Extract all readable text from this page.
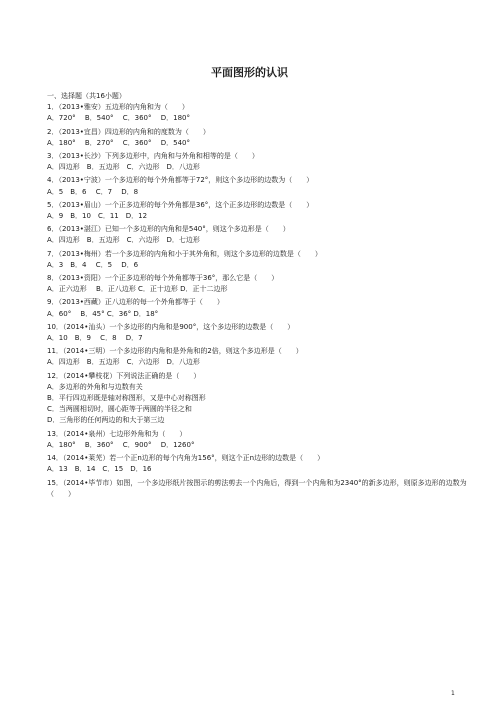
平面图形的认识

一、选择题（共16小题）

1．（2013•雅安）五边形的内角和为（　　）

A．720°　 B．540°　 C．360°　 D．180°

2．（2013•宜昌）四边形的内角和的度数为（　　）

A．180°　 B．270°　 C．360°　 D．540°

3．（2013•长沙）下列多边形中，内角和与外角和相等的是（　　）

A．四边形　B．五边形　C．六边形　D．八边形

4．（2013•宁波）一个多边形的每个外角都等于72°，则这个多边形的边数为（　　）

A．5　B．6　 C．7　 D．8

5．（2013•眉山）一个正多边形的每个外角都是36°，这个正多边形的边数是（　　）

A．9　B．10　C．11　D．12

6．（2013•湛江）已知一个多边形的内角和是540°，则这个多边形是（　　）

A．四边形　B．五边形　C．六边形　D．七边形

7．（2013•梅州）若一个多边形的内角和小于其外角和，则这个多边形的边数是（　　）

A．3　B．4　 C．5　 D．6

8．（2013•资阳）一个正多边形的每个外角都等于36°，那么它是（　　）

A．正六边形　 B．正八边形 C．正十边形 D．正十二边形

9．（2013•西藏）正八边形的每一个外角都等于（　　）

A．60°　 B．45° C．36° D．18°

10．（2014•汕头）一个多边形的内角和是900°，这个多边形的边数是（　　）

A．10　B．9　 C．8　 D．7

11．（2014•三明）一个多边形的内角和是外角和的2倍，则这个多边形是（　　）

A．四边形　B．五边形　C．六边形　D．八边形

12．（2014•攀枝花）下列说法正确的是（　　）

A．多边形的外角和与边数有关

B．平行四边形既是轴对称图形，又是中心对称图形

C．当两圆相切时，圆心距等于两圆的半径之和

D．三角形的任何两边的和大于第三边

13．（2014•泉州）七边形外角和为（　　）

A．180°　 B．360°　 C．900°　 D．1260°

14．（2014•莱芜）若一个正n边形的每个内角为156°，则这个正n边形的边数是（　　）

A．13　B．14　C．15　D．16

15．（2014•毕节市）如图，一个多边形纸片按图示的剪法剪去一个内角后，得到一个内角和为2340°的新多边形，则原多边形的边数为（　　）

1
